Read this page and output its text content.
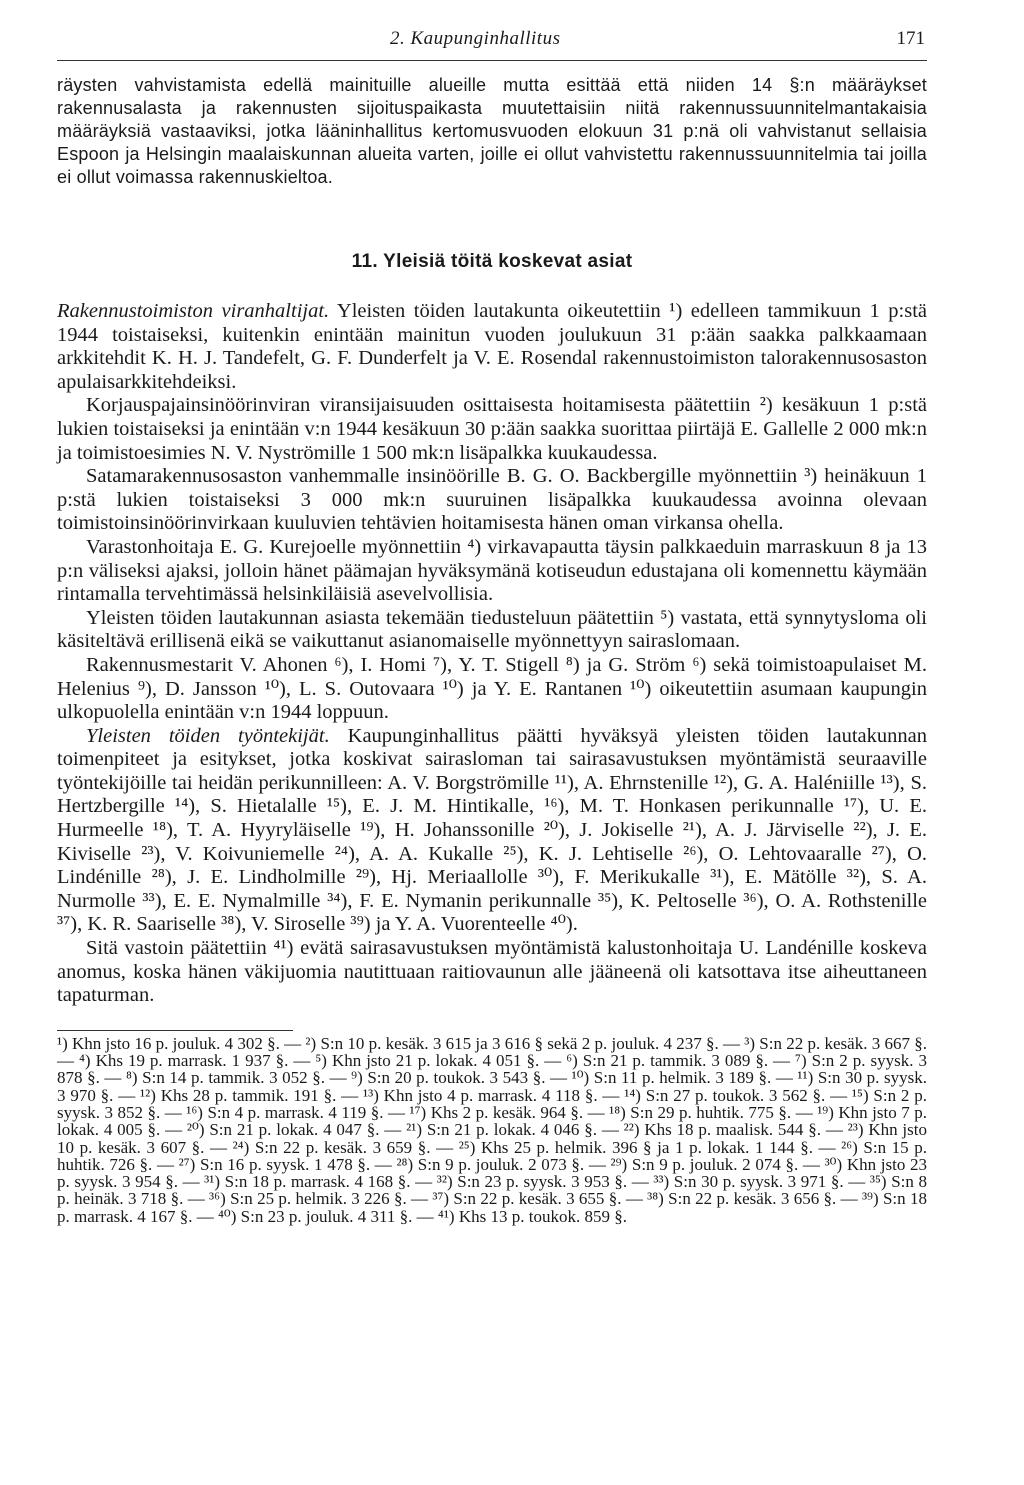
2. Kaupunginhallitus	171

räysten vahvistamista edellä mainituille alueille mutta esittää että niiden 14 §:n määräykset rakennusalasta ja rakennusten sijoituspaikasta muutettaisiin niitä rakennussuunnitelmantakaisia määräyksiä vastaaviksi, jotka lääninhallitus kertomusvuoden elokuun 31 p:nä oli vahvistanut sellaisia Espoon ja Helsingin maalaiskunnan alueita varten, joille ei ollut vahvistettu rakennussuunnitelmia tai joilla ei ollut voimassa rakennuskieltoa.

11. Yleisiä töitä koskevat asiat

Rakennustoimiston viranhaltijat. Yleisten töiden lautakunta oikeutettiin ¹) edelleen tammikuun 1 p:stä 1944 toistaiseksi, kuitenkin enintään mainitun vuoden joulukuun 31 p:ään saakka palkkaamaan arkkitehdit K. H. J. Tandefelt, G. F. Dunderfelt ja V. E. Rosendal rakennustoimiston talorakennusosaston apulaisarkkitehdeiksi.

Korjauspajainsinöörinviran viransijaisuuden osittaisesta hoitamisesta päätettiin ²) kesäkuun 1 p:stä lukien toistaiseksi ja enintään v:n 1944 kesäkuun 30 p:ään saakka suorittaa piirtäjä E. Gallelle 2 000 mk:n ja toimistoesimies N. V. Nyströmille 1 500 mk:n lisäpalkka kuukaudessa.

Satamarakennusosaston vanhemmalle insinöörille B. G. O. Backbergille myönnettiin ³) heinäkuun 1 p:stä lukien toistaiseksi 3 000 mk:n suuruinen lisäpalkka kuukaudessa avoinna olevaan toimistoinsinöörinvirkaan kuuluvien tehtävien hoitamisesta hänen oman virkansa ohella.

Varastonhoitaja E. G. Kurejoelle myönnettiin ⁴) virkavapautta täysin palkkaeduin marraskuun 8 ja 13 p:n väliseksi ajaksi, jolloin hänet päämajan hyväksymänä kotiseudun edustajana oli komennettu käymään rintamalla tervehtimässä helsinkiläisiä asevelvollisia.

Yleisten töiden lautakunnan asiasta tekemään tiedusteluun päätettiin ⁵) vastata, että synnytysloma oli käsiteltävä erillisenä eikä se vaikuttanut asianomaiselle myönnettyyn sairaslomaan.

Rakennusmestarit V. Ahonen ⁶), I. Homi ⁷), Y. T. Stigell ⁸) ja G. Ström ⁶) sekä toimistoapulaiset M. Helenius ⁹), D. Jansson ¹⁰), L. S. Outovaara ¹⁰) ja Y. E. Rantanen ¹⁰) oikeutettiin asumaan kaupungin ulkopuolella enintään v:n 1944 loppuun.

Yleisten töiden työntekijät. Kaupunginhallitus päätti hyväksyä yleisten töiden lautakunnan toimenpiteet ja esitykset, jotka koskivat sairasloman tai sairasavustuksen myöntämistä seuraaville työntekijöille tai heidän perikunnilleen: A. V. Borgströmille ¹¹), A. Ehrnstenille ¹²), G. A. Haléniille ¹³), S. Hertzbergille ¹⁴), S. Hietalalle ¹⁵), E. J. M. Hintikalle, ¹⁶), M. T. Honkasen perikunnalle ¹⁷), U. E. Hurmeelle ¹⁸), T. A. Hyyryläiselle ¹⁹), H. Johanssonille ²⁰), J. Jokiselle ²¹), A. J. Järviselle ²²), J. E. Kiviselle ²³), V. Koivuniemelle ²⁴), A. A. Kukalle ²⁵), K. J. Lehtiselle ²⁶), O. Lehtovaaralle ²⁷), O. Lindénille ²⁸), J. E. Lindholmille ²⁹), Hj. Meriaallolle ³⁰), F. Merikukalle ³¹), E. Mätölle ³²), S. A. Nurmolle ³³), E. E. Nymalmille ³⁴), F. E. Nymanin perikunnalle ³⁵), K. Peltoselle ³⁶), O. A. Rothstenille ³⁷), K. R. Saariselle ³⁸), V. Siroselle ³⁹) ja Y. A. Vuorenteelle ⁴⁰).

Sitä vastoin päätettiin ⁴¹) evätä sairasavustuksen myöntämistä kalustonhoitaja U. Landénille koskeva anomus, koska hänen väkijuomia nautittuaan raitiovaunun alle jääneenä oli katsottava itse aiheuttaneen tapaturman.

¹) Khn jsto 16 p. jouluk. 4 302 §. — ²) S:n 10 p. kesäk. 3 615 ja 3 616 § sekä 2 p. jouluk. 4 237 §. — ³) S:n 22 p. kesäk. 3 667 §. — ⁴) Khs 19 p. marrask. 1 937 §. — ⁵) Khn jsto 21 p. lokak. 4 051 §. — ⁶) S:n 21 p. tammik. 3 089 §. — ⁷) S:n 2 p. syysk. 3 878 §. — ⁸) S:n 14 p. tammik. 3 052 §. — ⁹) S:n 20 p. toukok. 3 543 §. — ¹⁰) S:n 11 p. helmik. 3 189 §. — ¹¹) S:n 30 p. syysk. 3 970 §. — ¹²) Khs 28 p. tammik. 191 §. — ¹³) Khn jsto 4 p. marrask. 4 118 §. — ¹⁴) S:n 27 p. toukok. 3 562 §. — ¹⁵) S:n 2 p. syysk. 3 852 §. — ¹⁶) S:n 4 p. marrask. 4 119 §. — ¹⁷) Khs 2 p. kesäk. 964 §. — ¹⁸) S:n 29 p. huhtik. 775 §. — ¹⁹) Khn jsto 7 p. lokak. 4 005 §. — ²⁰) S:n 21 p. lokak. 4 047 §. — ²¹) S:n 21 p. lokak. 4 046 §. — ²²) Khs 18 p. maalisk. 544 §. — ²³) Khn jsto 10 p. kesäk. 3 607 §. — ²⁴) S:n 22 p. kesäk. 3 659 §. — ²⁵) Khs 25 p. helmik. 396 § ja 1 p. lokak. 1 144 §. — ²⁶) S:n 15 p. huhtik. 726 §. — ²⁷) S:n 16 p. syysk. 1 478 §. — ²⁸) S:n 9 p. jouluk. 2 073 §. — ²⁹) S:n 9 p. jouluk. 2 074 §. — ³⁰) Khn jsto 23 p. syysk. 3 954 §. — ³¹) S:n 18 p. marrask. 4 168 §. — ³²) S:n 23 p. syysk. 3 953 §. — ³³) S:n 30 p. syysk. 3 971 §. — ³⁵) S:n 8 p. heinäk. 3 718 §. — ³⁶) S:n 25 p. helmik. 3 226 §. — ³⁷) S:n 22 p. kesäk. 3 655 §. — ³⁸) S:n 22 p. kesäk. 3 656 §. — ³⁹) S:n 18 p. marrask. 4 167 §. — ⁴⁰) S:n 23 p. jouluk. 4 311 §. — ⁴¹) Khs 13 p. toukok. 859 §.
